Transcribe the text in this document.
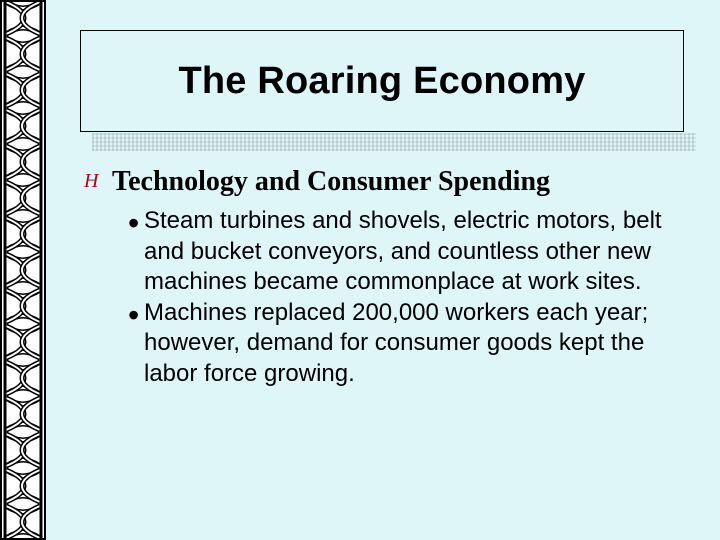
The Roaring Economy
H Technology and Consumer Spending
•
Steam turbines and shovels, electric motors, belt and bucket conveyors, and countless other new machines became commonplace at work sites.
•
Machines replaced 200,000 workers each year; however, demand for consumer goods kept the labor force growing.
